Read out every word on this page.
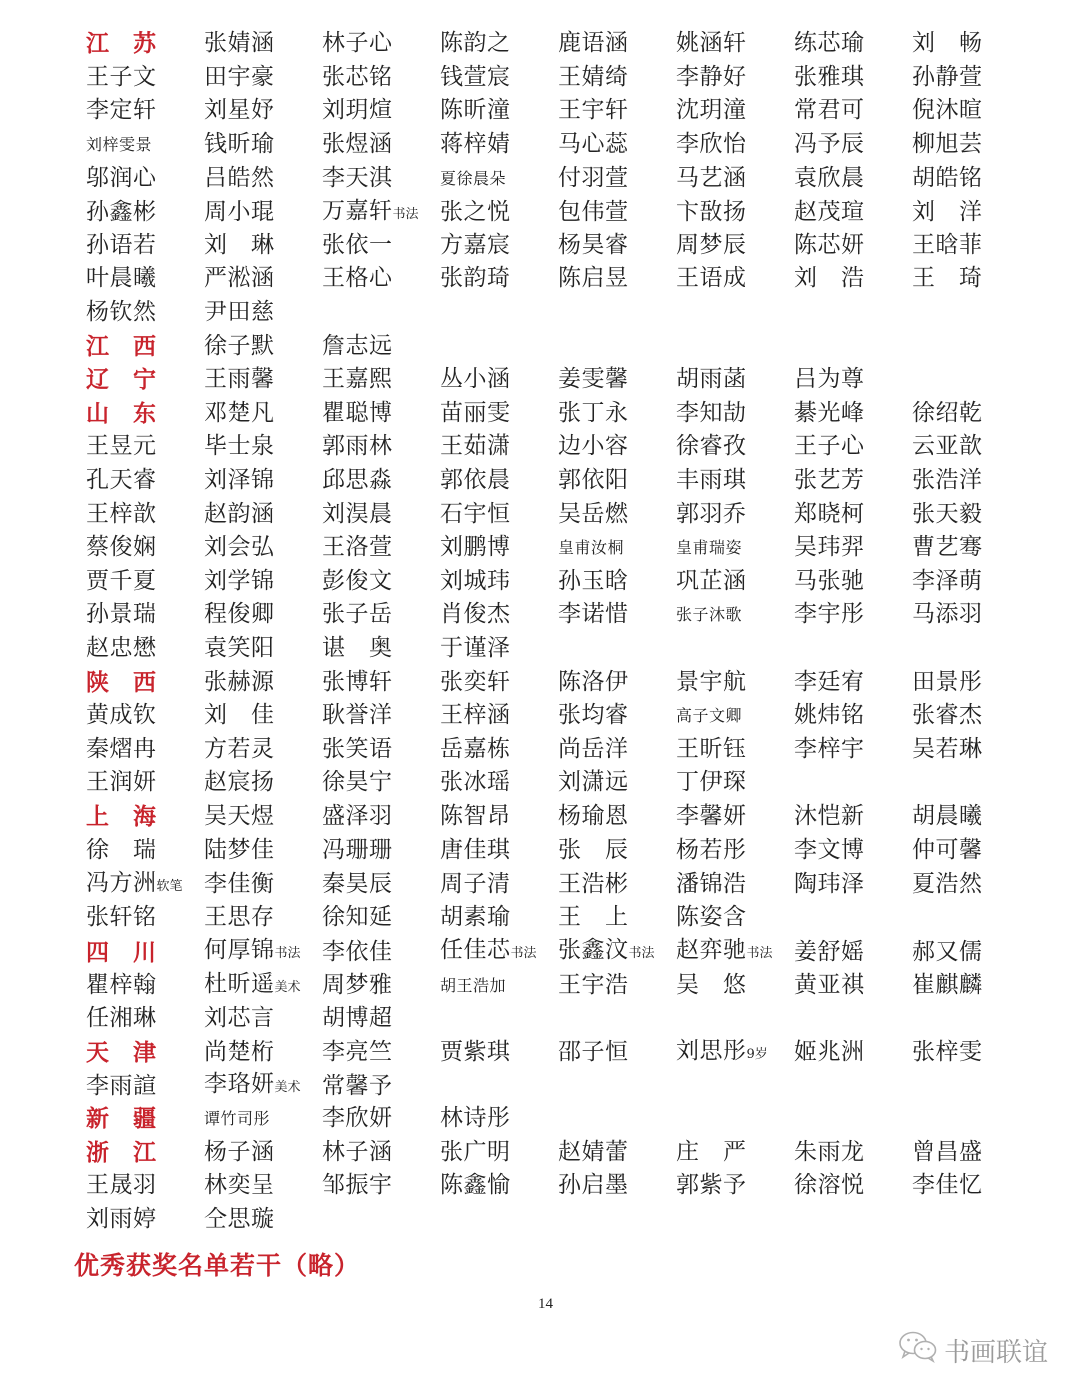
江　苏	张婧涵	林子心	陈韵之	鹿语涵	姚涵轩	练芯瑜	刘　畅
王子文	田宇豪	张芯铭	钱萱宸	王婧绮	李静好	张雅琪	孙静萱
李定轩	刘星妤	刘玥煊	陈昕潼	王宇轩	沈玥潼	常君可	倪沐暄
刘梓雯景	钱昕瑜	张煜涵	蒋梓婧	马心蕊	李欣怡	冯予辰	柳旭芸
邬润心	吕皓然	李天淇	夏徐晨朵	付羽萱	马艺涵	袁欣晨	胡皓铭
孙鑫彬	周小琨	万嘉轩书法 张之悦	包伟萱	卞敔扬	赵茂瑄	刘　洋
孙语若	刘　琳	张依一	方嘉宸	杨昊睿	周梦辰	陈芯妍	王晗菲
叶晨曦	严淞涵	王格心	张韵琦	陈启昱	王语成	刘　浩	王　琦
杨钦然	尹田慈
江　西	徐子默	詹志远
辽　宁	王雨馨	王嘉熙	丛小涵	姜雯馨	胡雨菡	吕为尊
山　东	邓楚凡	瞿聪博	苗丽雯	张丁永	李知劼	綦光峰	徐绍乾
王昱元	毕士泉	郭雨林	王茹潇	边小容	徐睿孜	王子心	云亚歆
孔天睿	刘泽锦	邱思淼	郭依晨	郭依阳	丰雨琪	张艺芳	张浩洋
王梓歆	赵韵涵	刘淏晨	石宇恒	吴岳燃	郭羽乔	郑晓柯	张天毅
蔡俊娴	刘会弘	王洛萱	刘鹏博	皇甫汝桐	皇甫瑞姿	吴玮羿	曹艺骞
贾千夏	刘学锦	彭俊文	刘城玮	孙玉晗	巩芷涵	马张驰	李泽萌
孙景瑞	程俊卿	张子岳	肖俊杰	李诺惜	张子沐歌	李宇彤	马添羽
赵忠懋	袁笑阳	谌　奥	于谨泽
陕　西	张赫源	张博轩	张奕轩	陈洛伊	景宇航	李廷宥	田景彤
黄成钦	刘　佳	耿誉洋	王梓涵	张均睿	高子文卿	姚炜铭	张睿杰
秦熠冉	方若灵	张笑语	岳嘉栋	尚岳洋	王昕钰	李梓宇	吴若琳
王润妍	赵宸扬	徐昊宁	张冰瑶	刘潇远	丁伊琛
上　海	吴天煜	盛泽羽	陈智昂	杨瑜恩	李馨妍	沐恺新	胡晨曦
徐　瑞	陆梦佳	冯珊珊	唐佳琪	张　辰	杨若彤	李文博	仲可馨
冯方洲软笔 李佳衡	秦昊辰	周子清	王浩彬	潘锦浩	陶玮泽	夏浩然
张轩铭	王思存	徐知延	胡素瑜	王　上	陈姿含
四　川	何厚锦书法 李依佳	任佳芯书法 张鑫汶书法 赵弈驰书法 姜舒媱	郝又儒
瞿梓翰	杜昕遥美术 周梦雅	胡王浩加	王宇浩	吴　悠	黄亚祺	崔麒麟
任湘琳	刘芯言	胡博超
天　津	尚楚桁	李亮竺	贾紫琪	邵子恒	刘思彤9岁	姬兆洲	张梓雯
李雨諠	李珞妍美术 常馨予
新　疆	谭竹司彤	李欣妍	林诗彤
浙　江	杨子涵	林子涵	张广明	赵婧蕾	庄　严	朱雨龙	曾昌盛
王晟羽	林奕呈	邹振宇	陈鑫愉	孙启墨	郭紫予	徐溶悦	李佳忆
刘雨婷	仝思璇
优秀获奖名单若干（略）
14
书画联谊
